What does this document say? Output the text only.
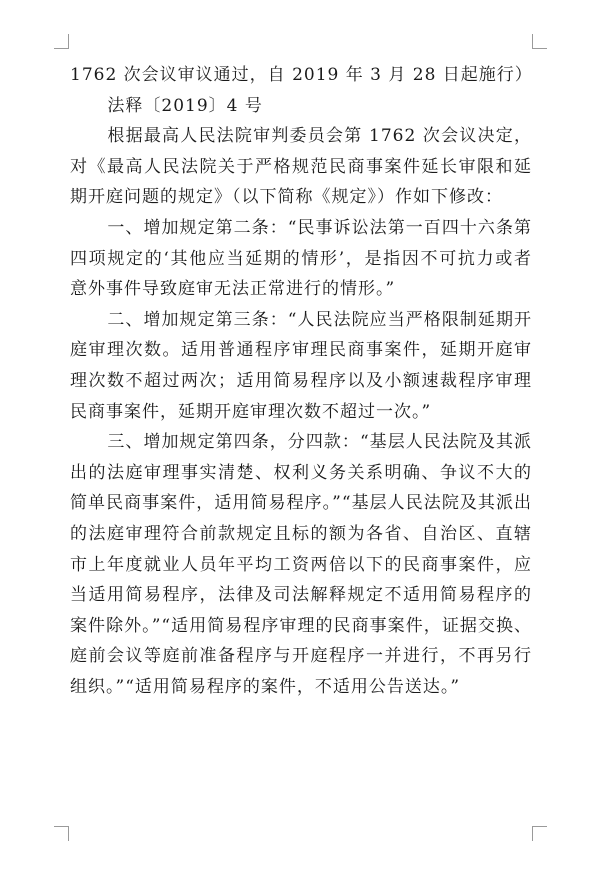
1762 次会议审议通过，自 2019 年 3 月 28 日起施行）

法释〔2019〕4 号

根据最高人民法院审判委员会第 1762 次会议决定，对《最高人民法院关于严格规范民商事案件延长审限和延期开庭问题的规定》（以下简称《规定》）作如下修改：

一、增加规定第二条：“民事诉讼法第一百四十六条第四项规定的‘其他应当延期的情形’，是指因不可抗力或者意外事件导致庭审无法正常进行的情形。”

二、增加规定第三条：“人民法院应当严格限制延期开庭审理次数。适用普通程序审理民商事案件，延期开庭审理次数不超过两次；适用简易程序以及小额速裁程序审理民商事案件，延期开庭审理次数不超过一次。”

三、增加规定第四条，分四款：“基层人民法院及其派出的法庭审理事实清楚、权利义务关系明确、争议不大的简单民商事案件，适用简易程序。”“基层人民法院及其派出的法庭审理符合前款规定且标的额为各省、自治区、直辖市上年度就业人员年平均工资两倍以下的民商事案件，应当适用简易程序，法律及司法解释规定不适用简易程序的案件除外。”“适用简易程序审理的民商事案件，证据交换、庭前会议等庭前准备程序与开庭程序一并进行，不再另行组织。”“适用简易程序的案件，不适用公告送达。”
